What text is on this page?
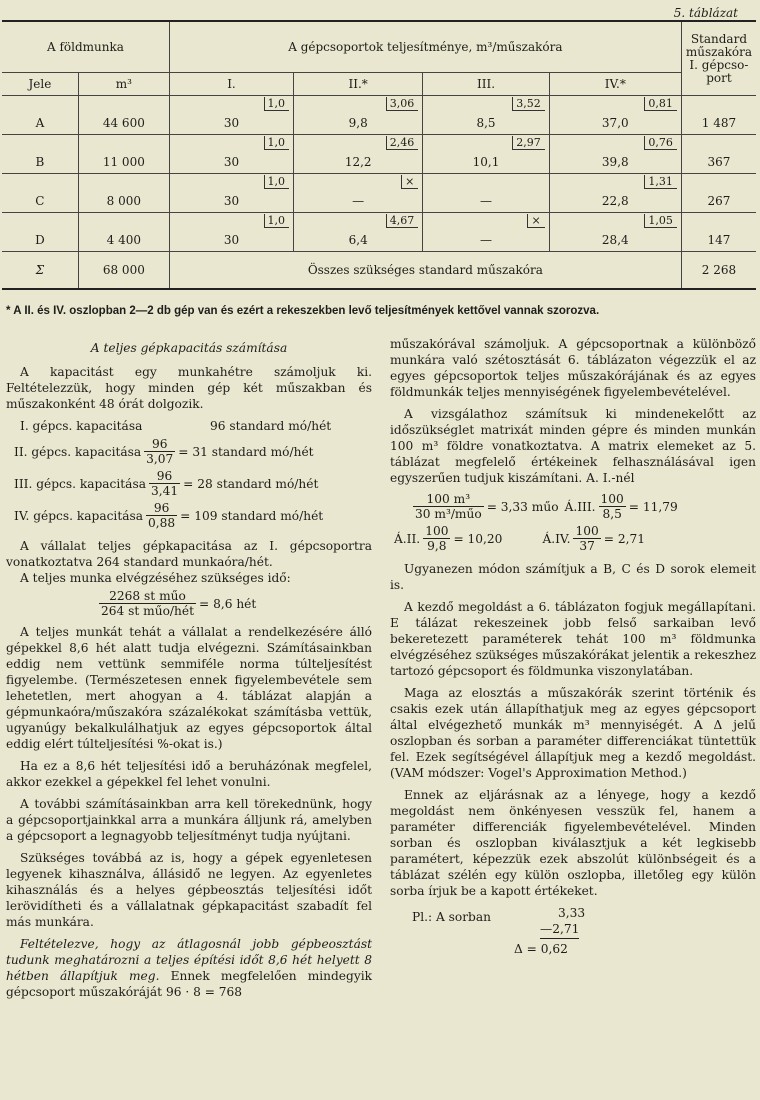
5. táblázat
A földmunka		A gépcsoportok teljesítménye, m³/műszakóra				Standard
műszakóra
I. gépcso-
port
Jele	m³	I.	II.*	III.	IV.*	
		1,0	3,06	3,52	0,81	
A	44 600	30	9,8	8,5	37,0	1 487
		1,0	2,46	2,97	0,76	
B	11 000	30	12,2	10,1	39,8	367
		1,0	×		1,31	
C	8 000	30	—	—	22,8	267
		1,0	4,67	×	1,05	
D	4 400	30	6,4	—	28,4	147
Σ	68 000	Összes szükséges standard műszakóra				2 268
* A II. és IV. oszlopban 2—2 db gép van és ezért a rekeszekben levő teljesítmények kettővel vannak szorozva.
A teljes gépkapacitás számítása

A kapacitást egy munkahétre számoljuk ki. Feltételezzük, hogy minden gép két műszakban és műszakonként 48 órát dolgozik.

I. gépcs. kapacitása	96 standard mó/hét
II. gépcs. kapacitása $\frac{96}{3,07} = 31$ standard mó/hét
III. gépcs. kapacitása $\frac{96}{3,41} = 28$ standard mó/hét
IV. gépcs. kapacitása $\frac{96}{0,88} = 109$ standard mó/hét

A vállalat teljes gépkapacitása az I. gépcsoportra vonatkoztatva 264 standard munkaóra/hét.

A teljes munka elvégzéséhez szükséges idő:

$\frac{\text{2268 st műo}}{\text{264 st műo/hét}} = 8,6$ hét

A teljes munkát tehát a vállalat a rendelkezésére álló gépekkel 8,6 hét alatt tudja elvégezni. Számításainkban eddig nem vettünk semmiféle norma túlteljesítést figyelembe. (Természetesen ennek figyelembevétele sem lehetetlen, mert ahogyan a 4. táblázat alapján a gépmunkaóra/műszakóra százalékokat számításba vettük, ugyanúgy bekalkulálhatjuk az egyes gépcsoportok által eddig elért túlteljesítési %-okat is.)

Ha ez a 8,6 hét teljesítési idő a beruházónak megfelel, akkor ezekkel a gépekkel fel lehet vonulni.

A további számításainkban arra kell törekednünk, hogy a gépcsoportjainkkal arra a munkára álljunk rá, amelyben a gépcsoport a legnagyobb teljesítményt tudja nyújtani.

Szükséges továbbá az is, hogy a gépek egyenletesen legyenek kihasználva, állásidő ne legyen. Az egyenletes kihasználás és a helyes gépbeosztás teljesítési időt lerövidítheti és a vállalatnak gépkapacitást szabadít fel más munkára.

Feltételezve, hogy az átlagosnál jobb gépbeosztást tudunk meghatározni a teljes építési időt 8,6 hét helyett 8 hétben állapítjuk meg. Ennek megfelelően mindegyik gépcsoport műszakóráját 96 · 8 = 768

műszakórával számoljuk. A gépcsoportnak a különböző munkára való szétosztását 6. táblázaton végezzük el az egyes gépcsoportok teljes műszakórájának és az egyes földmunkák teljes mennyiségének figyelembevételével.

A vizsgálathoz számítsuk ki mindenekelőtt az időszükséglet matrixát minden gépre és minden munkán 100 m³ földre vonatkoztatva. A matrix elemeket az 5. táblázat megfelelő értékeinek felhasználásával igen egyszerűen tudjuk kiszámítani. A. I.-nél

$\frac{\text{100 m³}}{\text{30 m³/műo}} = 3,33$ műo Á.III. $\frac{100}{8,5} = 11,79$
Á.II. $\frac{100}{9,8} = 10,20$	Á.IV. $\frac{100}{37} = 2,71$

Ugyanezen módon számítjuk a B, C és D sorok elemeit is.

A kezdő megoldást a 6. táblázaton fogjuk megállapítani. E tálázat rekeszeinek jobb felső sarkaiban levő bekeretezett paraméterek tehát 100 m³ földmunka elvégzéséhez szükséges műszakórákat jelentik a rekeszhez tartozó gépcsoport és földmunka viszonylatában.

Maga az elosztás a műszakórák szerint történik és csakis ezek után állapíthatjuk meg az egyes gépcsoport által elvégezhető munkák m³ mennyiségét. A Δ jelű oszlopban és sorban a paraméter differenciákat tüntettük fel. Ezek segítségével állapítjuk meg a kezdő megoldást. (VAM módszer: Vogel's Approximation Method.)

Ennek az eljárásnak az a lényege, hogy a kezdő megoldást nem önkényesen vesszük fel, hanem a paraméter differenciák figyelembevételével. Minden sorban és oszlopban kiválasztjuk a két legkisebb paramétert, képezzük ezek abszolút különbségeit és a táblázat szélén egy külön oszlopba, illetőleg egy külön sorba írjuk be a kapott értékeket.

Pl.: A sorban	3,33
—2,71
Δ = 0,62
